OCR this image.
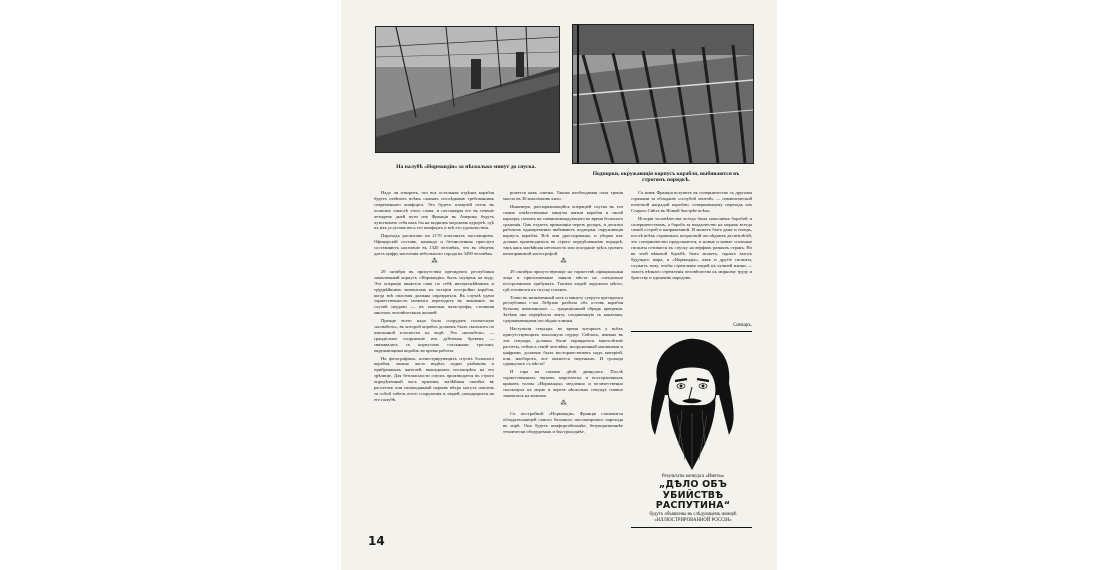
На палубѣ «Нормандіи» за нѣсколько минут до спуска.
Подпорки, окружающія корпусъ корабля, выбиваются въ строгомъ порядкѣ.

Надо ли говорить, что вся остальная отдѣлка корабля будетъ отвѣчать всѣмъ самымъ послѣднимъ требованіямъ современнаго комфорта. Это будетъ плавучій отель въ полномъ смыслѣ этого слова, и пассажиры его въ теченіе четырехъ дней пути изъ Франціи въ Америку будутъ чувствовать себя какъ бы на модномъ морскомъ курортѣ, гдѣ къ ихъ услугамъ весь его комфортъ и всѣ его удовольствія.

Пароходъ расчитанъ на 2170 классныхъ пассажировъ. Офицерскій составъ, команда и безчисленная прислуга составляютъ населеніе въ 1320 человѣкъ, что въ общемъ даетъ цифру населенія небольшого города въ 3490 человѣкъ.

⁂

29 октября въ присутствіи президента республики законченный корпусъ «Нормандіи» былъ спущенъ на воду. Эта операція является сама по себѣ интереснѣйшимъ и труднѣйшимъ моментомъ въ исторіи постройки корабля, когда всѣ опасенія должны оправдаться. Въ случаѣ удачи торжественность момента переходитъ въ ликованіе, въ случаѣ неудачи — въ тяжелыя катастрофы, стоившія многихъ человѣческихъ жизней.

Прежде всего надо было соорудить гигантскую «колыбель», въ которой корабль долженъ былъ скользить по наклонной плоскости къ водѣ. Эта «колыбель» — грандіозное сооруженіе изъ дубовыхъ бревенъ — связывалась съ корпусомъ стальными тросами, окружающими корабль во время работы.

На фотографіяхъ, иллюстрирующихъ спускъ большого корабля, можно часто видѣть лодки рыбаковъ и прибрежныхъ жителей, вышедшихъ посмотрѣть на это зрѣлище. Для безопасности спускъ производится въ строго опредѣленный часъ прилива; малѣйшая ошибка въ расчетахъ или неожиданный порывъ вѣтра могутъ повлечь за собой гибель всего сооруженія и людей, находящихся на его палубѣ.

рожется какъ спичка. Такова необходимая сила тренія массы въ 30 милліоновъ кило.

Инженеръ, распоряжающійся операціей спуска въ эти самые отвѣтственные минуты жизни корабля и своей карьеры, похожъ на главнокомандующаго во время большого сраженія. Онъ отдаетъ приказанія черезъ рупоръ, и десятки рабочихъ одновременно выбиваютъ подпорки, окружающія корпусъ корабля. Всѣ они дрессированы, и уборка ихъ должна производиться въ строго опредѣленномъ порядкѣ, такъ какъ малѣйшая неточность или опозданіе здѣсь грозятъ непоправимой катастрофой.

⁂

29 октября присутствующіе на торжествѣ официальныя лица и приглашенные заняли мѣста на спеціально построенныхъ трибунахъ. Тысячи людей окружали мѣсто, гдѣ готовился къ спуску гигантъ.

Точно въ назначенный часъ и минуту супруга президента республики г-жа Лебрэнъ разбила объ остовъ корабля бутылку шампанскаго — традиціонный обрядъ крещенія. Затѣмъ она перерѣзала ленту, соединенную съ канатами, сдерживающими послѣдніе клинья.

Наступили секунды, во время которыхъ у всѣхъ присутствующихъ захолонуло сердце. Сейчасъ, именно въ эти секунды, должны были оправдаться многолѣтніе расчеты, сейчасъ генiй человѣка, вооруженный машинами и цифрами, долженъ былъ восторжествовать надъ матеріей, или, наоборотъ, все окажется тщетнымъ. И громада сдвинулась съ мѣста!

И гора на самомъ дѣлѣ двинулась. Послѣ торжественныхъ звуковъ марсельезы и восторженныхъ криковъ толпы «Нормандія» медленно и величественно скользнула къ морю и черезъ нѣсколько секундъ плавно закачалась на волнахъ.

⁂

Съ постройкой «Нормандіи» Франція становится обладательницей самого большого пассажирскаго парохода въ мірѣ. Онъ будетъ комфортабельнѣе, безукоризненнѣе технически оборудованъ и быстроходнѣе.

Съ нимъ Франція вступитъ въ соперничество съ другими странами за обладаніе «голубой лентой» — символической почетной наградой кораблю, совершающему переходъ изъ Стараго Свѣта въ Новый быстрѣе всѣхъ.

Исторія человѣчества всегда была наполнена борьбой и соперничествомъ, а борьба за владычество на моряхъ всегда самой острой и напряженной. И можетъ быть даже и теперь, послѣ всѣхъ страшныхъ потрясеній послѣднихъ десятилѣтій, это соперничество продолжается, и новые и новые стальные гиганты готовятся къ спуску на верфяхъ разныхъ странъ. Но въ этой вѣковой борьбѣ, быть можетъ, скрыта залогъ будущаго мира, и «Нормандія», какъ и другіе гиганты, служитъ тому, чтобы стремленія людей къ лучшей жизни — залогъ вѣчнаго стремленія человѣчества къ мирному труду и братству и единенію народовъ.

Синкаръ.
Результаты конкурса «Иметы»
„ДѢЛО ОБЪ УБИЙСТВѢ
РАСПУТИНА“
будутъ объявлены въ слѣдующемъ номерѣ
«ИЛЛЮСТРИРОВАННОЙ РОССІИ»
14
